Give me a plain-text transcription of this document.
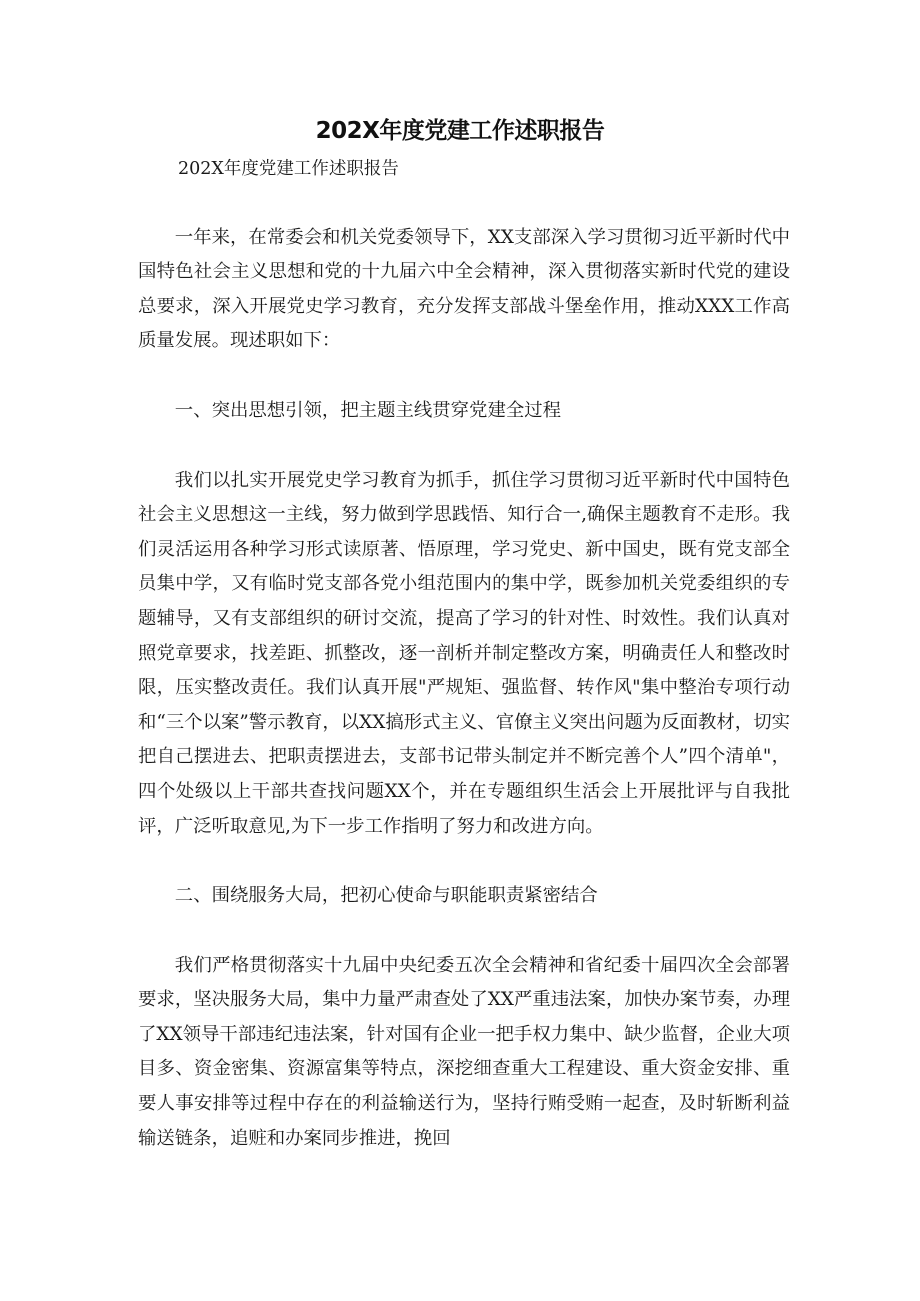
202X年度党建工作述职报告

202X年度党建工作述职报告

一年来，在常委会和机关党委领导下，XX支部深入学习贯彻习近平新时代中国特色社会主义思想和党的十九届六中全会精神，深入贯彻落实新时代党的建设总要求，深入开展党史学习教育，充分发挥支部战斗堡垒作用，推动XXX工作高质量发展。现述职如下：

一、突出思想引领，把主题主线贯穿党建全过程

我们以扎实开展党史学习教育为抓手，抓住学习贯彻习近平新时代中国特色社会主义思想这一主线，努力做到学思践悟、知行合一,确保主题教育不走形。我们灵活运用各种学习形式读原著、悟原理，学习党史、新中国史，既有党支部全员集中学，又有临时党支部各党小组范围内的集中学，既参加机关党委组织的专题辅导，又有支部组织的研讨交流，提高了学习的针对性、时效性。我们认真对照党章要求，找差距、抓整改，逐一剖析并制定整改方案，明确责任人和整改时限，压实整改责任。我们认真开展"严规矩、强监督、转作风"集中整治专项行动和“三个以案”警示教育，以XX搞形式主义、官僚主义突出问题为反面教材，切实把自己摆进去、把职责摆进去，支部书记带头制定并不断完善个人”四个清单"，四个处级以上干部共查找问题XX个，并在专题组织生活会上开展批评与自我批评，广泛听取意见,为下一步工作指明了努力和改进方向。

二、围绕服务大局，把初心使命与职能职责紧密结合

我们严格贯彻落实十九届中央纪委五次全会精神和省纪委十届四次全会部署要求，坚决服务大局，集中力量严肃查处了XX严重违法案，加快办案节奏，办理了XX领导干部违纪违法案，针对国有企业一把手权力集中、缺少监督，企业大项目多、资金密集、资源富集等特点，深挖细查重大工程建设、重大资金安排、重要人事安排等过程中存在的利益输送行为，坚持行贿受贿一起查，及时斩断利益输送链条，追赃和办案同步推进，挽回
